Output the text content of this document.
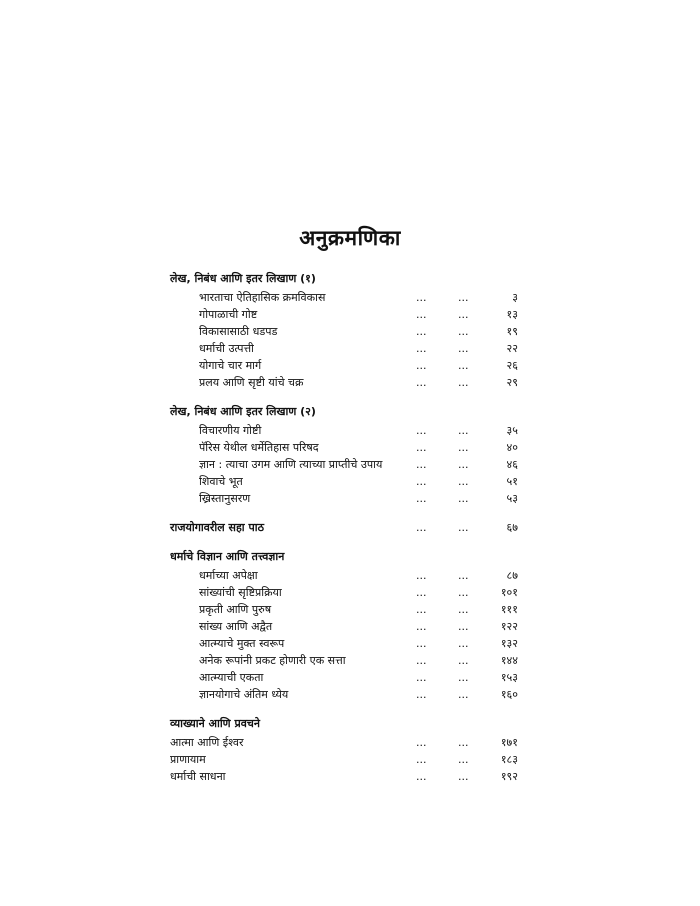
अनुक्रमणिका
लेख, निबंध आणि इतर लिखाण (१)
भारताचा ऐतिहासिक क्रमविकास	...	...	३
गोपाळाची गोष्ट	...	...	१३
विकासासाठी धडपड	...	...	१९
धर्माची उत्पत्ती	...	...	२२
योगाचे चार मार्ग	...	...	२६
प्रलय आणि सृष्टी यांचे चक्र	...	...	२९
लेख, निबंध आणि इतर लिखाण (२)
विचारणीय गोष्टी	...	...	३५
पॅरिस येथील धर्मेतिहास परिषद	...	...	४०
ज्ञान : त्याचा उगम आणि त्याच्या प्राप्तीचे उपाय	...	...	४६
शिवाचे भूत	...	...	५१
ख्रिस्तानुसरण	...	...	५३
राजयोगावरील सहा पाठ	...	...	६७
धर्माचे विज्ञान आणि तत्त्वज्ञान
धर्माच्या अपेक्षा	...	...	८७
सांख्यांची सृष्टिप्रक्रिया	...	...	१०१
प्रकृती आणि पुरुष	...	...	१११
सांख्य आणि अद्वैत	...	...	१२२
आत्म्याचे मुक्त स्वरूप	...	...	१३२
अनेक रूपांनी प्रकट होणारी एक सत्ता	...	...	१४४
आत्म्याची एकता	...	...	१५३
ज्ञानयोगाचे अंतिम ध्येय	...	...	१६०
व्याख्याने आणि प्रवचने
आत्मा आणि ईश्वर	...	...	१७१
प्राणायाम	...	...	१८३
धर्माची साधना	...	...	१९२
